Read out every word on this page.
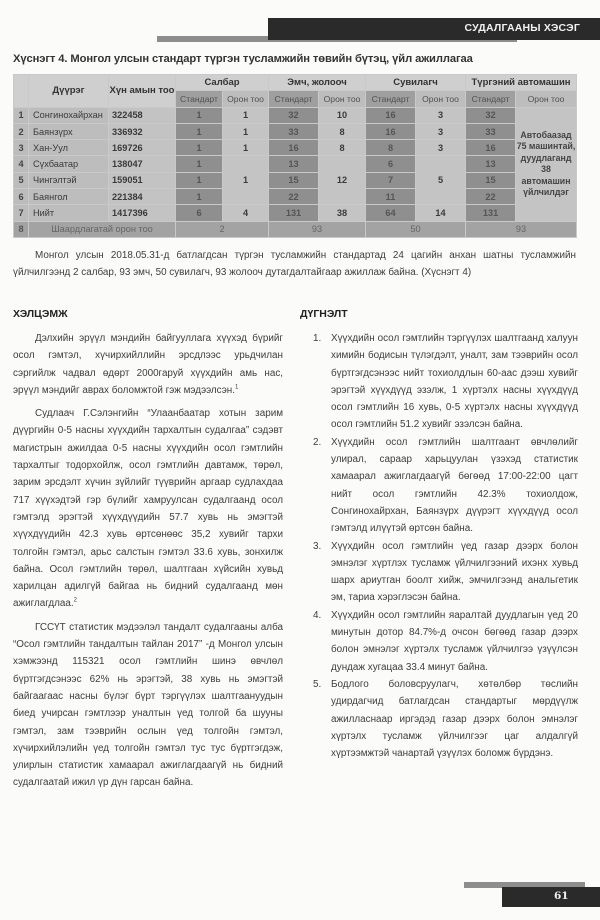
СУДАЛГААНЫ ХЭСЭГ
Хүснэгт 4. Монгол улсын стандарт түргэн тусламжийн төвийн бүтэц, үйл ажиллагаа
	Дүүрэг	Хүн амын тоо	Салбар		Эмч, жолооч		Сувилагч		Түргэний автомашин	
			Стандарт	Орон тоо	Стандарт	Орон тоо	Стандарт	Орон тоо	Стандарт	Орон тоо
1	Сонгинохайрхан	322458	1	1	32	10	16	3	32	Автобаазад 75 машинтай, дуудлаганд 38 автомашин үйлчилдэг
2	Баянзүрх	336932	1	1	33	8	16	3	33	
3	Хан-Уул	169726	1	1	16	8	8	3	16	
4	Сүхбаатар	138047	1	1	13	12	6	5	13	
5	Чингэлтэй	159051	1		15		7		15	
6	Баянгол	221384	1		22		11		22	
7	Нийт	1417396	6	4	131	38	64	14	131	
8	Шаардлагатай орон тоо		2		93		50		93	
Монгол улсын 2018.05.31-д батлагдсан түргэн тусламжийн стандартад 24 цагийн анхан шатны тусламжийн үйлчилгээнд 2 салбар, 93 эмч, 50 сувилагч, 93 жолооч дутагдалтайгаар ажиллаж байна. (Хүснэгт 4)
ХЭЛЦЭМЖ

Дэлхийн эрүүл мэндийн байгууллага хүүхэд бүрийг осол гэмтэл, хүчирхийллийн эрсдлээс урьдчилан сэргийлж чадвал өдөрт 2000гаруй хүүхдийн амь нас, эрүүл мэндийг аврах боломжтой гэж мэдээлсэн.$^1$

Судлаач Г.Сэлэнгийн “Улаанбаатар хотын зарим дүүргийн 0-5 насны хүүхдийн тархалтын судалгаа” сэдэвт магистрын ажилдаа 0-5 насны хүүхдийн осол гэмтлийн тархалтыг тодорхойлж, осол гэмтлийн давтамж, төрөл, зарим эрсдэлт хүчин зүйлийг түүврийн аргаар судлахдаа 717 хүүхэдтэй гэр бүлийг хамруулсан судалгаанд осол гэмтэлд эрэгтэй хүүхдүүдийн 57.7 хувь нь эмэгтэй хүүхдүүдийн 42.3 хувь өртсөнөөс 35,2 хувийг тархи толгойн гэмтэл, арьс салстын гэмтэл 33.6 хувь, зонхилж байна. Осол гэмтлийн төрөл, шалтгаан хүйсийн хувьд харилцан адилгүй байгаа нь бидний судалгаанд мөн ажиглагдлаа.$^2$

ГССҮТ статистик мэдээлэл тандалт судалгааны алба “Осол гэмтлийн тандалтын тайлан 2017” -д Монгол улсын хэмжээнд 115321 осол гэмтлийн шинэ өвчлөл бүртгэгдсэнээс 62% нь эрэгтэй, 38 хувь нь эмэгтэй байгаагаас насны бүлэг бүрт тэргүүлэх шалтгаануудын биед учирсан гэмтлээр уналтын үед толгой ба шууны гэмтэл, зам тээврийн ослын үед толгойн гэмтэл, хүчирхийлэлийн үед толгойн гэмтэл тус тус бүртгэгдэж, улирлын статистик хамаарал ажиглагдаагүй нь бидний судалгаатай ижил үр дүн гарсан байна.

ДҮГНЭЛТ
1. Хүүхдийн осол гэмтлийн тэргүүлэх шалтгаанд халуун химийн бодисын түлэгдэлт, уналт, зам тээврийн осол бүртгэгдсэнээс нийт тохиолдлын 60-аас дээш хувийг эрэгтэй хүүхдүүд эзэлж, 1 хүртэлх насны хүүхдүүд осол гэмтлийн 16 хувь, 0-5 хүртэлх насны хүүхдүүд осол гэмтлийн 51.2 хувийг эзэлсэн байна.
2. Хүүхдийн осол гэмтлийн шалтгаант өвчлөлийг улирал, сараар харьцуулан үзэхэд статистик хамаарал ажиглагдаагүй бөгөөд 17:00-22:00 цагт нийт осол гэмтлийн 42.3% тохиолдож, Сонгинохайрхан, Баянзүрх дүүрэгт хүүхдүүд осол гэмтэлд илүүтэй өртсөн байна.
3. Хүүхдийн осол гэмтлийн үед газар дээрх болон эмнэлэг хүртлэх тусламж үйлчилгээний ихэнх хувьд шарх ариутган боолт хийж, эмчилгээнд анальгетик эм, тариа хэрэглэсэн байна.
4. Хүүхдийн осол гэмтлийн яаралтай дуудлагын үед 20 минутын дотор 84.7%-д очсон бөгөөд газар дээрх болон эмнэлэг хүртэлх тусламж үйлчилгээ үзүүлсэн дундаж хугацаа 33.4 минут байна.
5. Бодлого боловсруулагч, хөтөлбөр төслийн удирдагчид батлагдсан стандартыг мөрдүүлж ажилласнаар иргэдэд газар дээрх болон эмнэлэг хүртэлх тусламж үйлчилгээг цаг алдалгүй хүртээмжтэй чанартай үзүүлэх боломж бүрдэнэ.
61
